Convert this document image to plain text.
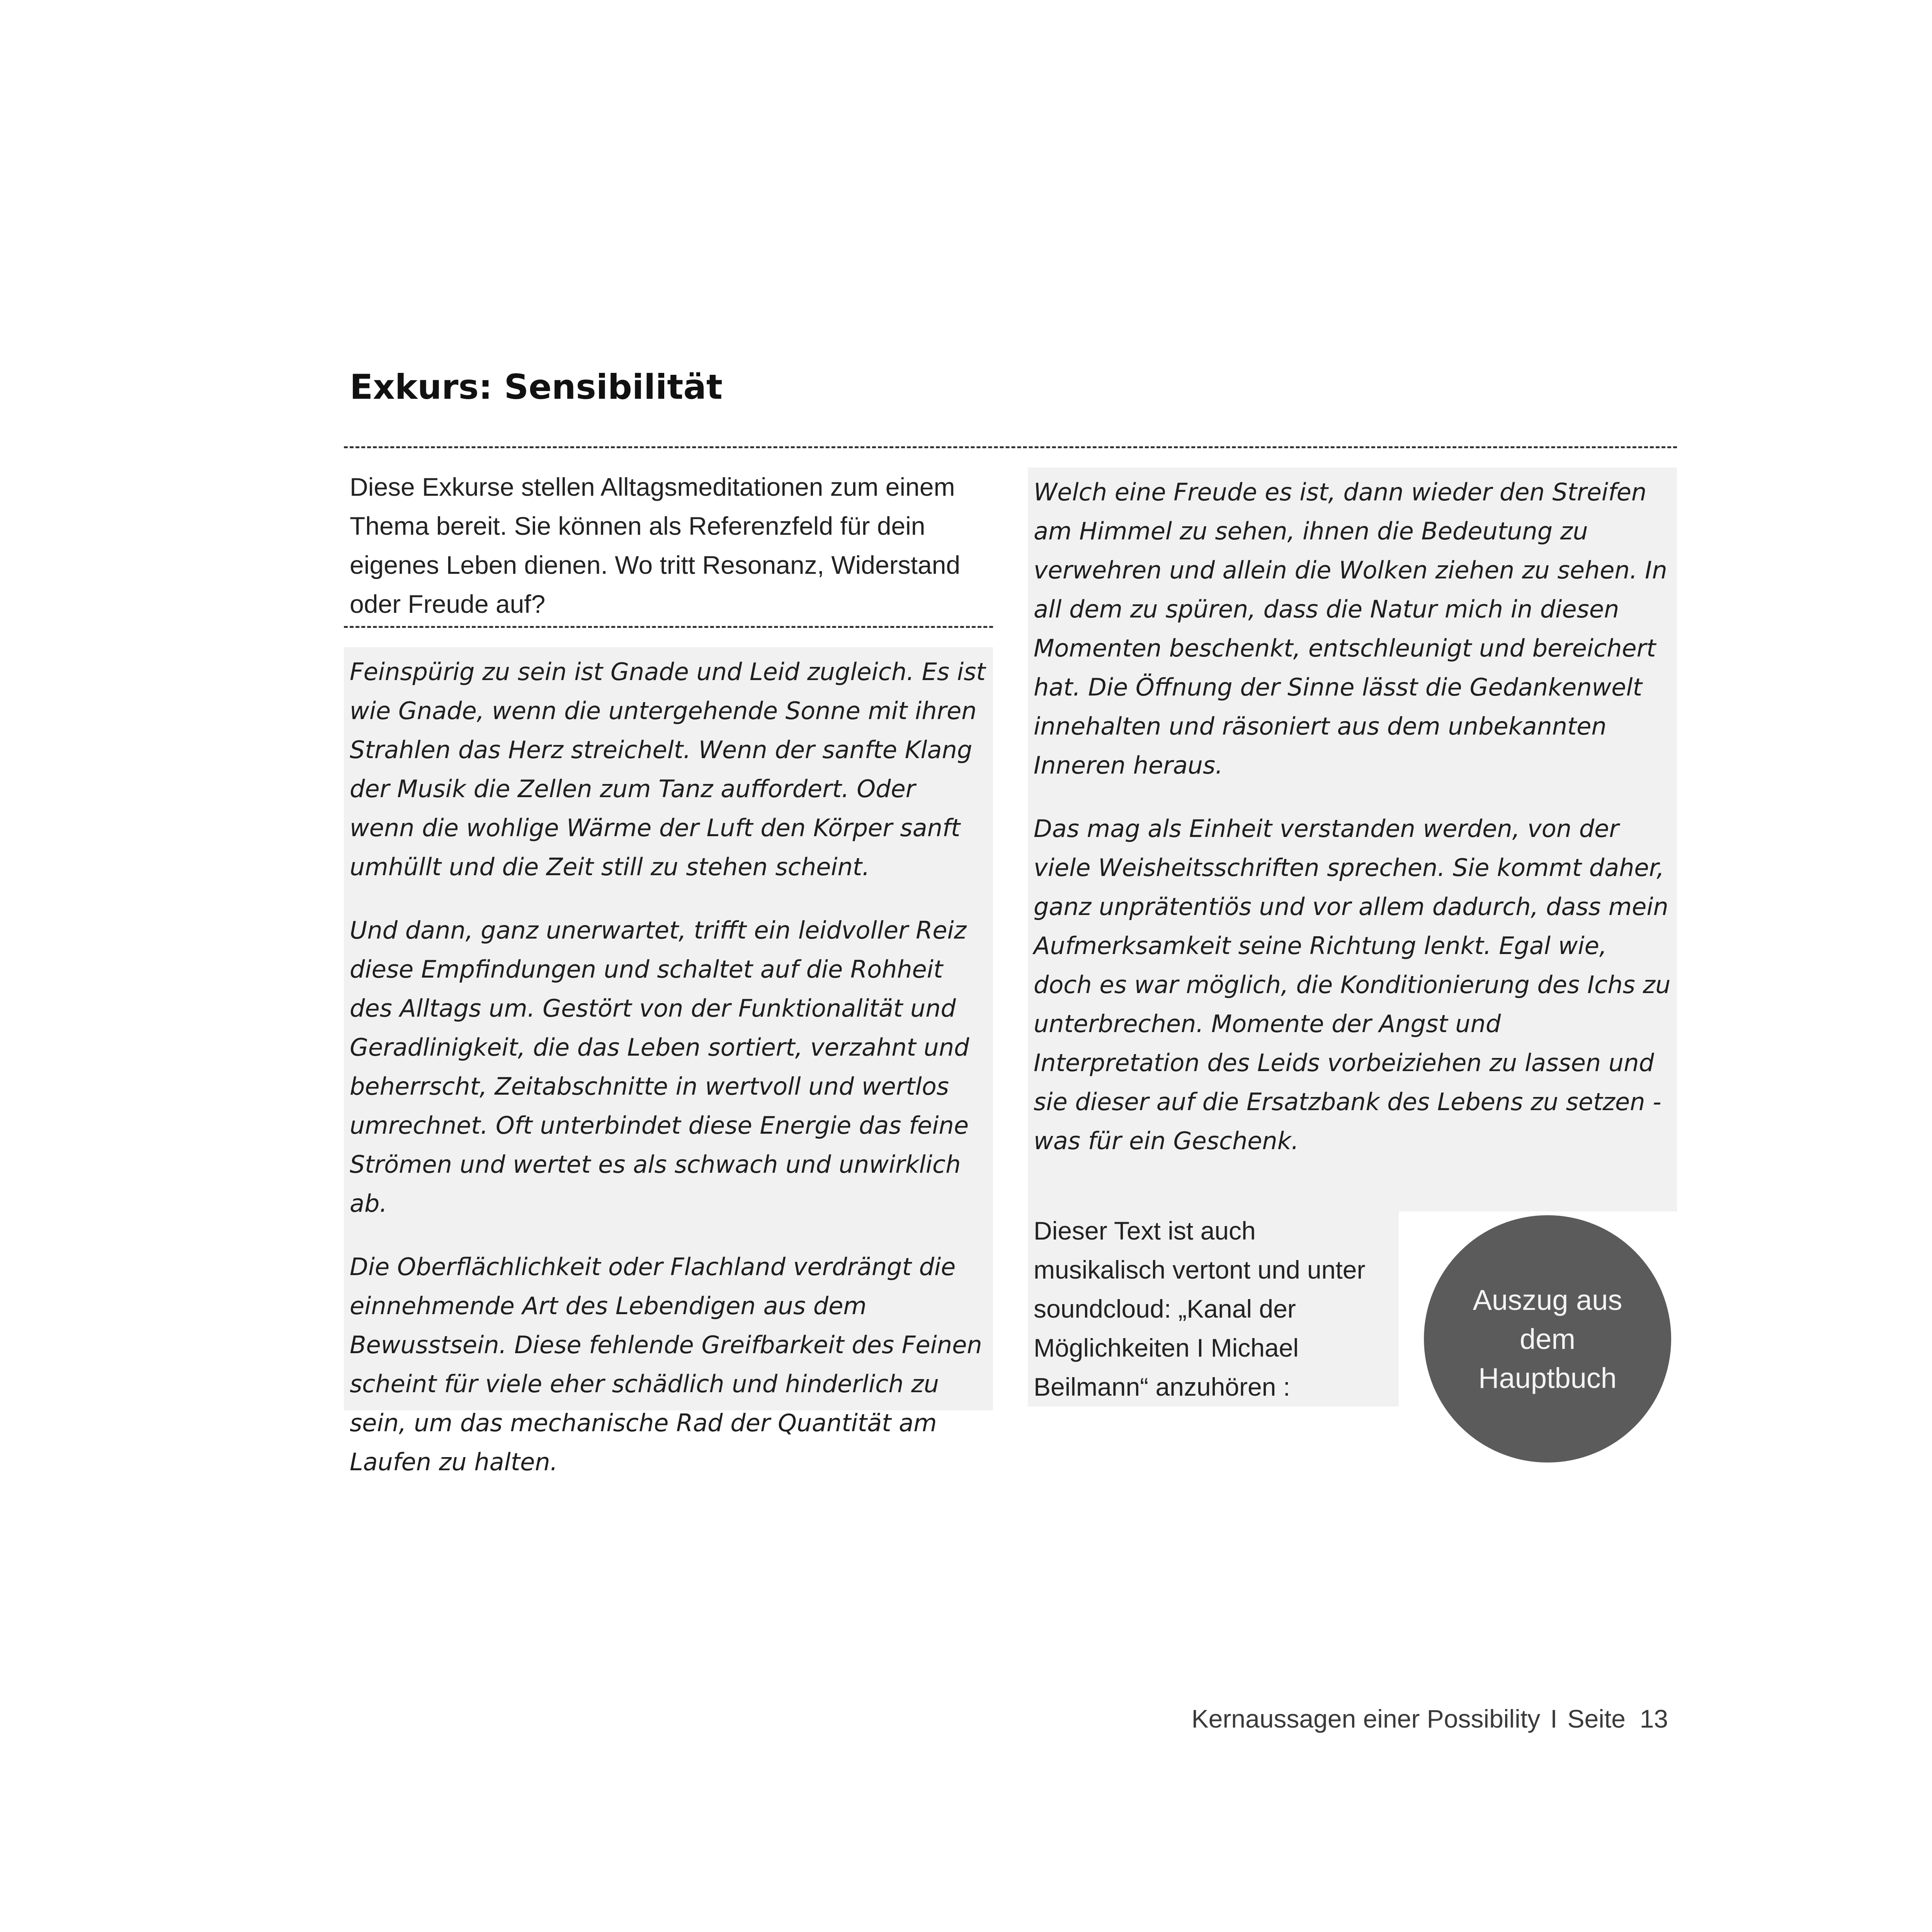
Exkurs: Sensibilität

Diese Exkurse stellen Alltagsmeditationen zum einem Thema bereit. Sie können als Referenzfeld für dein eigenes Leben dienen. Wo tritt Resonanz, Widerstand oder Freude auf?

Feinspürig zu sein ist Gnade und Leid zugleich. Es ist wie Gnade, wenn die untergehende Sonne mit ihren Strahlen das Herz streichelt. Wenn der sanfte Klang der Musik die Zellen zum Tanz auffordert. Oder wenn die wohlige Wärme der Luft den Körper sanft umhüllt und die Zeit still zu stehen scheint.

Und dann, ganz unerwartet, trifft ein leidvoller Reiz diese Empfindungen und schaltet auf die Rohheit des Alltags um. Gestört von der Funktionalität und Geradlinigkeit, die das Leben sortiert, verzahnt und beherrscht, Zeitabschnitte in wertvoll und wertlos umrechnet. Oft unterbindet diese Energie das feine Strömen und wertet es als schwach und unwirklich ab.

Die Oberflächlichkeit oder Flachland verdrängt die einnehmende Art des Lebendigen aus dem Bewusstsein. Diese fehlende Greifbarkeit des Feinen scheint für viele eher schädlich und hinderlich zu sein, um das mechanische Rad der Quantität am Laufen zu halten.

Welch eine Freude es ist, dann wieder den Streifen am Himmel zu sehen, ihnen die Bedeutung zu verwehren und allein die Wolken ziehen zu sehen. In all dem zu spüren, dass die Natur mich in diesen Momenten beschenkt, entschleunigt und bereichert hat. Die Öffnung der Sinne lässt die Gedankenwelt innehalten und räsoniert aus dem unbekannten Inneren heraus.

Das mag als Einheit verstanden werden, von der viele Weisheitsschriften sprechen. Sie kommt daher, ganz unprätentiös und vor allem dadurch, dass mein Aufmerksamkeit seine Richtung lenkt. Egal wie, doch es war möglich, die Konditionierung des Ichs zu unterbrechen. Momente der Angst und Interpretation des Leids vorbeiziehen zu lassen und sie dieser auf die Ersatzbank des Lebens zu setzen - was für ein Geschenk.

Dieser Text ist auch musikalisch vertont und unter soundcloud: „Kanal der Möglichkeiten I Michael Beilmann“ anzuhören :

Auszug aus dem Hauptbuch
Kernaussagen einer Possibility I Seite 13
